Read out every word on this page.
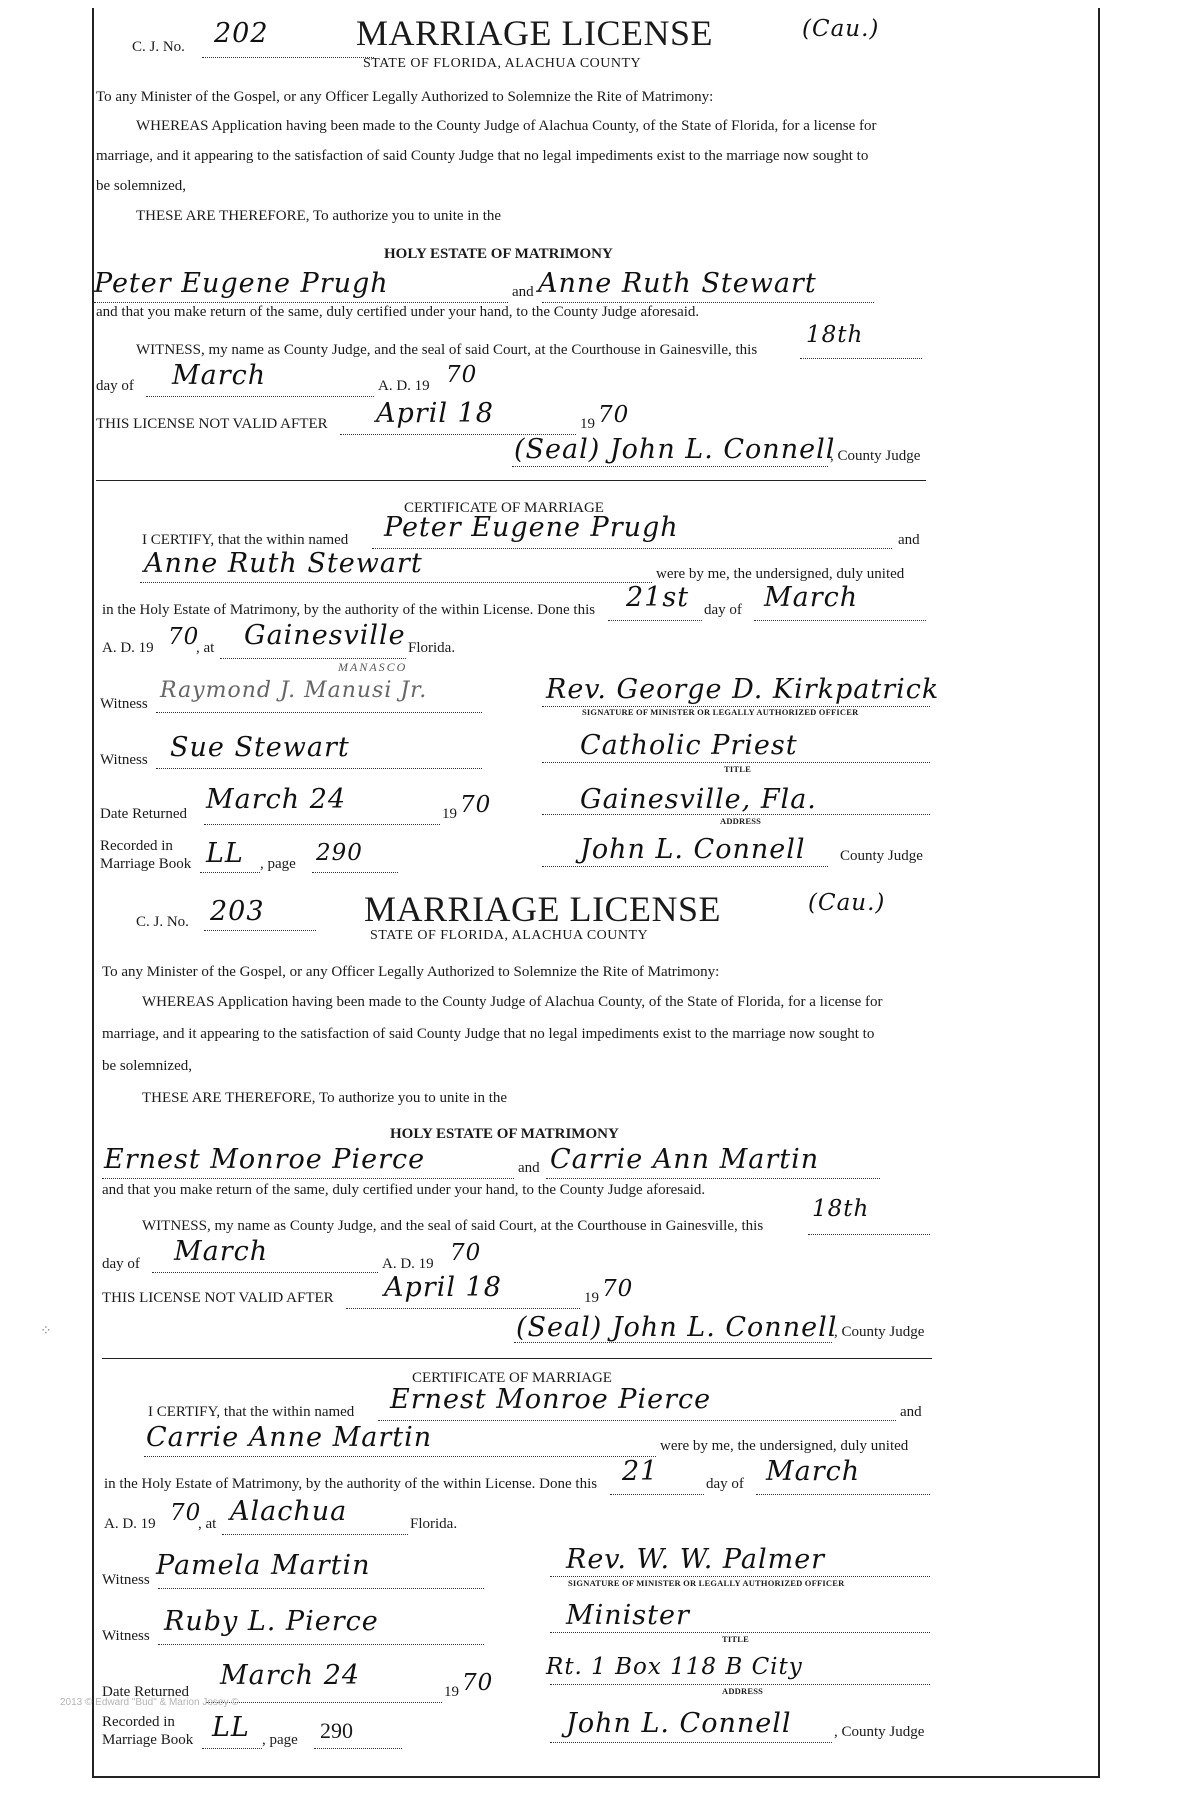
C. J. No. 202 MARRIAGE LICENSE
STATE OF FLORIDA, ALACHUA COUNTY
(Cau.)
To any Minister of the Gospel, or any Officer Legally Authorized to Solemnize the Rite of Matrimony:
WHEREAS Application having been made to the County Judge of Alachua County, of the State of Florida, for a license for
marriage, and it appearing to the satisfaction of said County Judge that no legal impediments exist to the marriage now sought to
be solemnized,
THESE ARE THEREFORE, To authorize you to unite in the
HOLY ESTATE OF MATRIMONY
Peter Eugene Prugh	and Anne Ruth Stewart
and that you make return of the same, duly certified under your hand, to the County Judge aforesaid.
WITNESS, my name as County Judge, and the seal of said Court, at the Courthouse in Gainesville, this
18th
day of March	A. D. 19 70
THIS LICENSE NOT VALID AFTER April 18	19 70
(Seal) John L. Connell
, County Judge
CERTIFICATE OF MARRIAGE
I CERTIFY, that the within named Peter Eugene Prugh	and
Anne Ruth Stewart	were by me, the undersigned, duly united
in the Holy Estate of Matrimony, by the authority of the within License. Done this 21st day of March
A. D. 19 70
, at Gainesville Florida.
Witness
MANASCO
Raymond J. Manusi Jr.	Rev. George D. Kirkpatrick
SIGNATURE OF MINISTER OR LEGALLY AUTHORIZED OFFICER
Witness Sue Stewart	Catholic Priest
TITLE
Date Returned March 24	19 70	Gainesville, Fla.
ADDRESS
Recorded in
Marriage Book LL , page 290	John L. Connell County Judge
C. J. No. 203	MARRIAGE LICENSE
STATE OF FLORIDA, ALACHUA COUNTY
(Cau.)
To any Minister of the Gospel, or any Officer Legally Authorized to Solemnize the Rite of Matrimony:
WHEREAS Application having been made to the County Judge of Alachua County, of the State of Florida, for a license for
marriage, and it appearing to the satisfaction of said County Judge that no legal impediments exist to the marriage now sought to
be solemnized,
THESE ARE THEREFORE, To authorize you to unite in the
HOLY ESTATE OF MATRIMONY
Ernest Monroe Pierce	and Carrie Ann Martin
and that you make return of the same, duly certified under your hand, to the County Judge aforesaid.
WITNESS, my name as County Judge, and the seal of said Court, at the Courthouse in Gainesville, this
18th
day of March	A. D. 19 70
THIS LICENSE NOT VALID AFTER April 18	19 70
(Seal) John L. Connell
, County Judge
CERTIFICATE OF MARRIAGE
I CERTIFY, that the within named Ernest Monroe Pierce	and
Carrie Anne Martin	were by me, the undersigned, duly united
in the Holy Estate of Matrimony, by the authority of the within License. Done this 21	day of March
A. D. 19 70
, at Alachua	Florida.
Witness Pamela Martin	Rev. W. W. Palmer
SIGNATURE OF MINISTER OR LEGALLY AUTHORIZED OFFICER
Witness Ruby L. Pierce	Minister
TITLE
Date Returned
March 24
19 70
Rt. 1 Box 118 B City
ADDRESS
Recorded in
Marriage Book LL , page 290	John L. Connell	, County Judge
⁘
2013 © Edward "Bud" & Marion Josey ©
